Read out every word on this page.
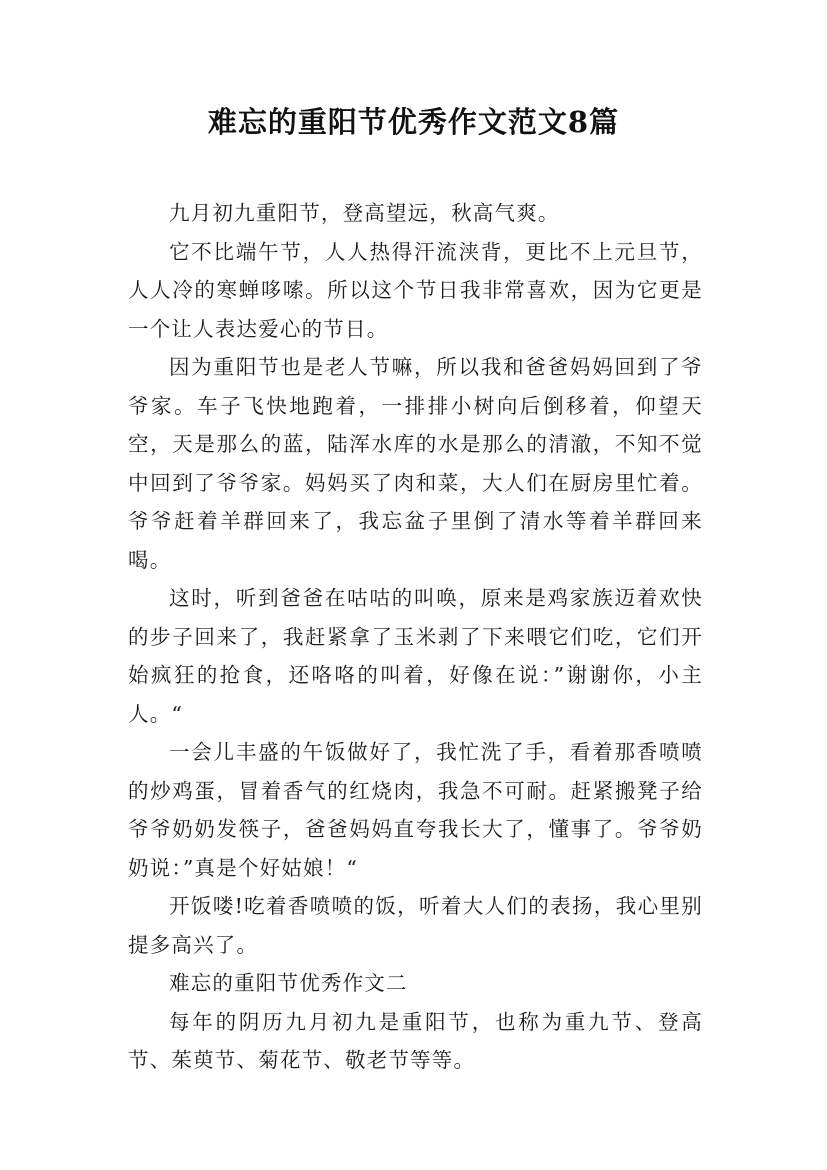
难忘的重阳节优秀作文范文8篇

九月初九重阳节，登高望远，秋高气爽。

它不比端午节，人人热得汗流浃背，更比不上元旦节，人人冷的寒蝉哆嗦。所以这个节日我非常喜欢，因为它更是一个让人表达爱心的节日。

因为重阳节也是老人节嘛，所以我和爸爸妈妈回到了爷爷家。车子飞快地跑着，一排排小树向后倒移着，仰望天空，天是那么的蓝，陆浑水库的水是那么的清澈，不知不觉中回到了爷爷家。妈妈买了肉和菜，大人们在厨房里忙着。爷爷赶着羊群回来了，我忘盆子里倒了清水等着羊群回来喝。

这时，听到爸爸在咕咕的叫唤，原来是鸡家族迈着欢快的步子回来了，我赶紧拿了玉米剥了下来喂它们吃，它们开始疯狂的抢食，还咯咯的叫着，好像在说：”谢谢你，小主人。“

一会儿丰盛的午饭做好了，我忙洗了手，看着那香喷喷的炒鸡蛋，冒着香气的红烧肉，我急不可耐。赶紧搬凳子给爷爷奶奶发筷子，爸爸妈妈直夸我长大了，懂事了。爷爷奶奶说：”真是个好姑娘！“

开饭喽!吃着香喷喷的饭，听着大人们的表扬，我心里别提多高兴了。

难忘的重阳节优秀作文二

每年的阴历九月初九是重阳节，也称为重九节、登高节、茱萸节、菊花节、敬老节等等。
